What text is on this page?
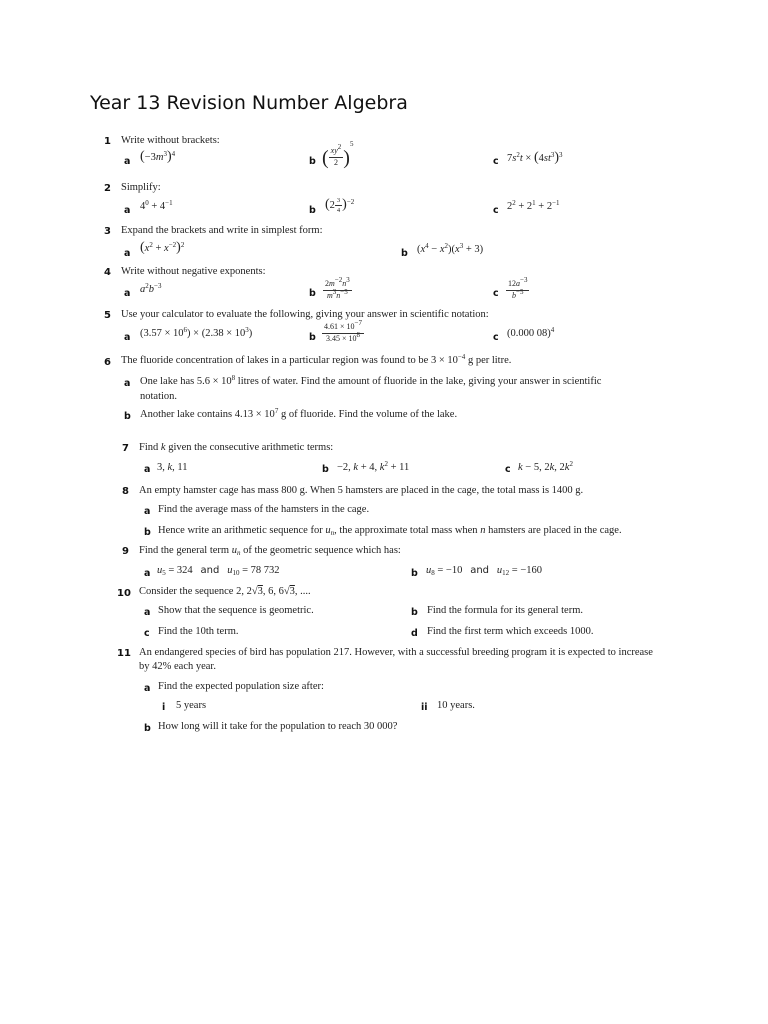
Year 13 Revision Number Algebra
1 Write without brackets:
a $(-3m^3)^4$
b ( $\frac{xy^2}{2} )^5$
c $7s^2t \times (4st^3)^3$
2 Simplify:
a $4^0 + 4^{-1}$
b $(2 \frac{3}{4} )^{-2}$
c $2^2 + 2^1 + 2^{-1}$
3 Expand the brackets and write in simplest form:
a $(x^2 + x^{-2})^2$
b $(x^4 - x^2)(x^3 + 3)$
4 Write without negative exponents:
a $a^2b^{-3}$
b $\frac{2m^{-2}n^3}{m^3n^{-5}}$	c $\frac{12a^{-3}}{b^{-5}}$
5 Use your calculator to evaluate the following, giving your answer in scientific notation:
a $(3.57 \times 10^6) \times (2.38 \times 10^3)$	b $\frac{4.61 \times 10^{-7}}{3.45 \times 10^8}$	c (0.000 08)$^4$
6 The fluoride concentration of lakes in a particular region was found to be $3 \times 10^{-4}$ g per litre.
a One lake has $5.6 \times 10^8$ litres of water. Find the amount of fluoride in the lake, giving your answer in scientific
notation.
b Another lake contains $4.13 \times 10^7$ g of fluoride. Find the volume of the lake.
7 Find k given the consecutive arithmetic terms:
a 3, k, 11	b −2, k + 4, $k^2 + 11$	c k − 5, 2k, $2k^2$
8 An empty hamster cage has mass 800 g. When 5 hamsters are placed in the cage, the total mass is 1400 g.
a Find the average mass of the hamsters in the cage.
b Hence write an arithmetic sequence for $u_n$, the approximate total mass when n hamsters are placed in the cage.
9 Find the general term $u_n$ of the geometric sequence which has:
a $u_5 = 324$   and $u_{10} = 78$ 732	b $u_8 = -10$   and $u_{12} = -160$
10 Consider the sequence 2, 2√3, 6, 6√3, ....
a Show that the sequence is geometric.	b Find the formula for its general term.
c Find the 10th term.	d Find the first term which exceeds 1000.
11 An endangered species of bird has population 217. However, with a successful breeding program it is expected to increase
by 42% each year.
a Find the expected population size after:
i 5 years	ii 10 years.
b How long will it take for the population to reach 30 000?
